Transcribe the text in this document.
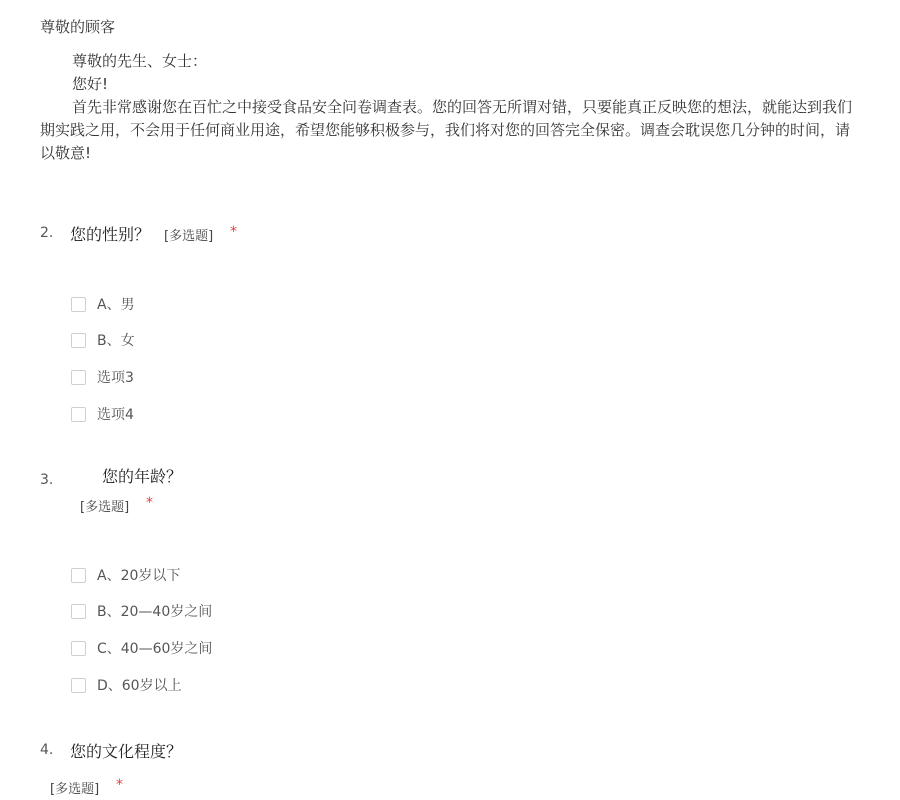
尊敬的顾客

尊敬的先生、女士：

您好!

首先非常感谢您在百忙之中接受食品安全问卷调查表。您的回答无所谓对错，只要能真正反映您的想法，就能达到我们

期实践之用，不会用于任何商业用途，希望您能够积极参与，我们将对您的回答完全保密。调查会耽误您几分钟的时间，请

以敬意!

2. 您的性别？ [多选题] *
A、男
B、女
选项3
选项4
3.	您的年龄？
[多选题] *
A、20岁以下
B、20—40岁之间
C、40—60岁之间
D、60岁以上
4. 您的文化程度？
[多选题] *
